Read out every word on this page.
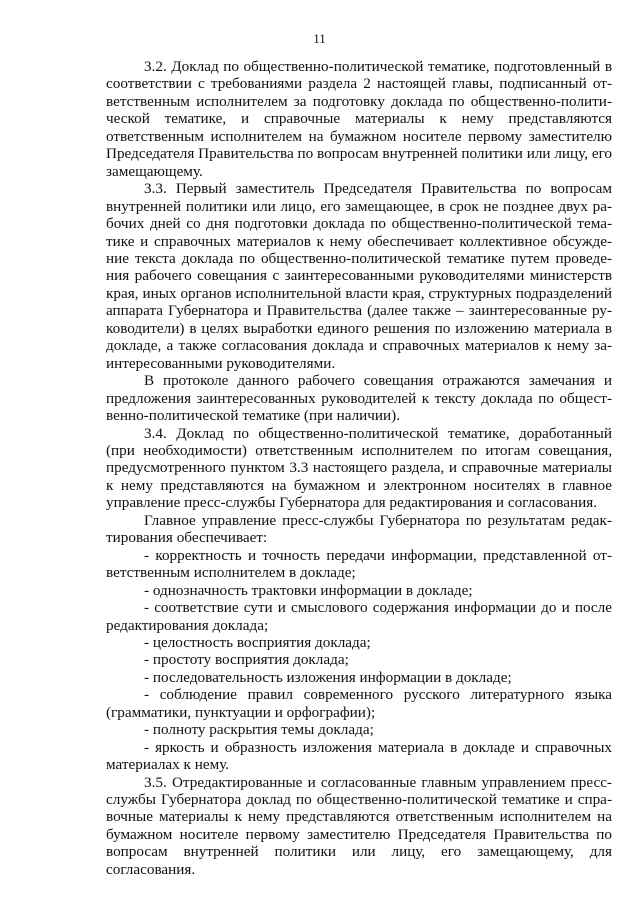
11

3.2. Доклад по общественно-политической тематике, подготовленный в соответствии с требованиями раздела 2 настоящей главы, подписанный ответственным исполнителем за подготовку доклада по общественно-политической тематике, и справочные материалы к нему представляются ответственным исполнителем на бумажном носителе первому заместителю Председателя Правительства по вопросам внутренней политики или лицу, его замещающему.

3.3. Первый заместитель Председателя Правительства по вопросам внутренней политики или лицо, его замещающее, в срок не позднее двух рабочих дней со дня подготовки доклада по общественно-политической тематике и справочных материалов к нему обеспечивает коллективное обсуждение текста доклада по общественно-политической тематике путем проведения рабочего совещания с заинтересованными руководителями министерств края, иных органов исполнительной власти края, структурных подразделений аппарата Губернатора и Правительства (далее также – заинтересованные руководители) в целях выработки единого решения по изложению материала в докладе, а также согласования доклада и справочных материалов к нему заинтересованными руководителями.

В протоколе данного рабочего совещания отражаются замечания и предложения заинтересованных руководителей к тексту доклада по общественно-политической тематике (при наличии).

3.4. Доклад по общественно-политической тематике, доработанный (при необходимости) ответственным исполнителем по итогам совещания, предусмотренного пунктом 3.3 настоящего раздела, и справочные материалы к нему представляются на бумажном и электронном носителях в главное управление пресс-службы Губернатора для редактирования и согласования.

Главное управление пресс-службы Губернатора по результатам редактирования обеспечивает:

- корректность и точность передачи информации, представленной ответственным исполнителем в докладе;

- однозначность трактовки информации в докладе;

- соответствие сути и смыслового содержания информации до и после редактирования доклада;

- целостность восприятия доклада;

- простоту восприятия доклада;

- последовательность изложения информации в докладе;

- соблюдение правил современного русского литературного языка (грамматики, пунктуации и орфографии);

- полноту раскрытия темы доклада;

- яркость и образность изложения материала в докладе и справочных материалах к нему.

3.5. Отредактированные и согласованные главным управлением пресс-службы Губернатора доклад по общественно-политической тематике и справочные материалы к нему представляются ответственным исполнителем на бумажном носителе первому заместителю Председателя Правительства по вопросам внутренней политики или лицу, его замещающему, для согласования.
